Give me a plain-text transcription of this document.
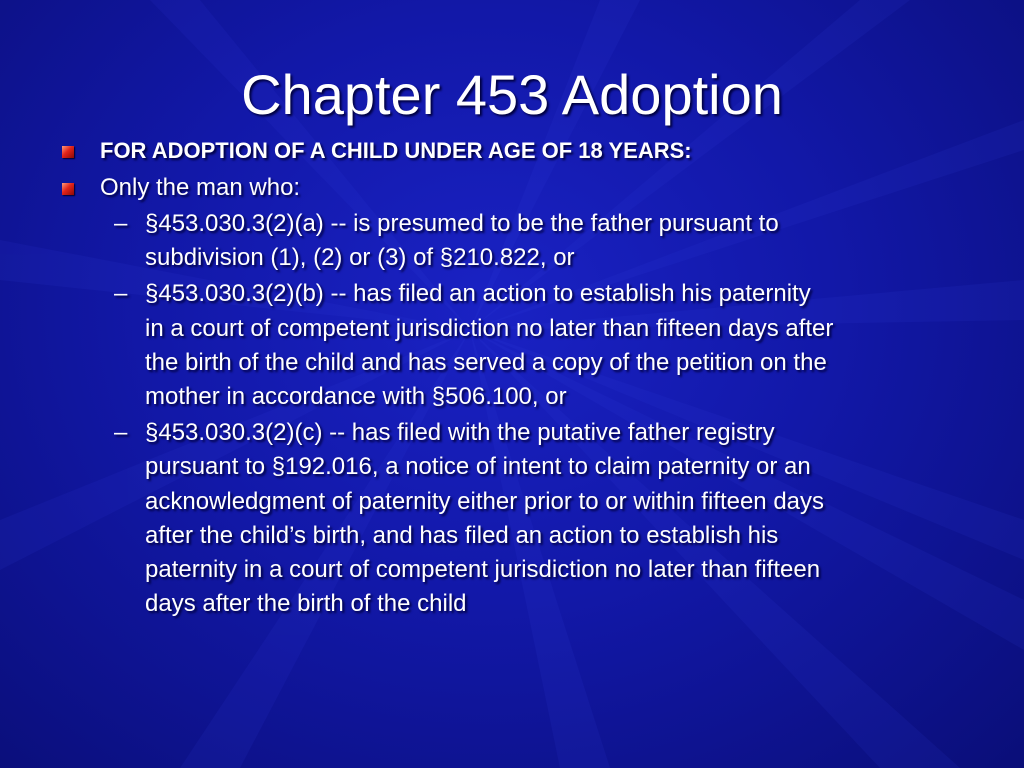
Chapter 453 Adoption
FOR ADOPTION OF A CHILD UNDER AGE OF 18 YEARS:
Only the man who:
– §453.030.3(2)(a) -- is presumed to be the father pursuant to
subdivision (1), (2) or (3) of §210.822, or
– §453.030.3(2)(b) -- has filed an action to establish his paternity
in a court of competent jurisdiction no later than fifteen days after
the birth of the child and has served a copy of the petition on the
mother in accordance with §506.100, or
– §453.030.3(2)(c) -- has filed with the putative father registry
pursuant to §192.016, a notice of intent to claim paternity or an
acknowledgment of paternity either prior to or within fifteen days
after the child’s birth, and has filed an action to establish his
paternity in a court of competent jurisdiction no later than fifteen
days after the birth of the child
